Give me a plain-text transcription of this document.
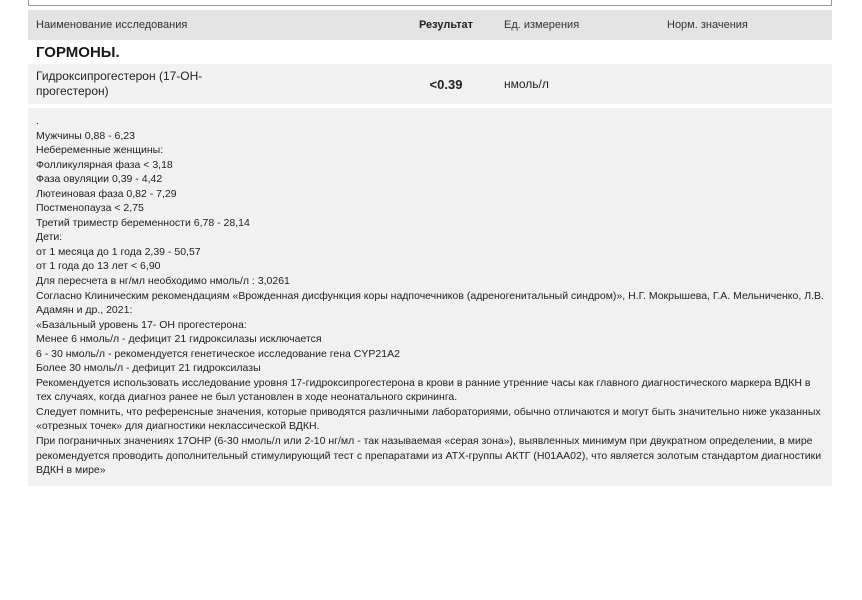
Наименование исследования	Результат	Ед. измерения	Норм. значения
ГОРМОНЫ.
Гидроксипрогестерон (17-ОН-прогестерон)	<0.39	нмоль/л
.
Мужчины 0,88 - 6,23
Небеременные женщины:
Фолликулярная фаза < 3,18
Фаза овуляции 0,39 - 4,42
Лютеиновая фаза 0,82 - 7,29
Постменопауза < 2,75
Третий триместр беременности 6,78 - 28,14
Дети:
от 1 месяца до 1 года 2,39 - 50,57
от 1 года до 13 лет < 6,90
Для пересчета в нг/мл необходимо нмоль/л : 3,0261
Согласно Клиническим рекомендациям «Врожденная дисфункция коры надпочечников (адреногенитальный синдром)», Н.Г. Мокрышева, Г.А. Мельниченко, Л.В. Адамян и др., 2021:
«Базальный уровень 17- ОН прогестерона:
Менее 6 нмоль/л - дефицит 21 гидроксилазы исключается
6 - 30 нмоль/л - рекомендуется генетическое исследование гена CYP21A2
Более 30 нмоль/л - дефицит 21 гидроксилазы
Рекомендуется использовать исследование уровня 17-гидроксипрогестерона в крови в ранние утренние часы как главного диагностического маркера ВДКН в тех случаях, когда диагноз ранее не был установлен в ходе неонатального скрининга.
Следует помнить, что референсные значения, которые приводятся различными лабораториями, обычно отличаются и могут быть значительно ниже указанных «отрезных точек» для диагностики неклассической ВДКН.
При пограничных значениях 17OHP (6-30 нмоль/л или 2-10 нг/мл - так называемая «серая зона»), выявленных минимум при двукратном определении, в мире рекомендуется проводить дополнительный стимулирующий тест с препаратами из АТХ-группы АКТГ (H01AA02), что является золотым стандартом диагностики ВДКН в мире»
